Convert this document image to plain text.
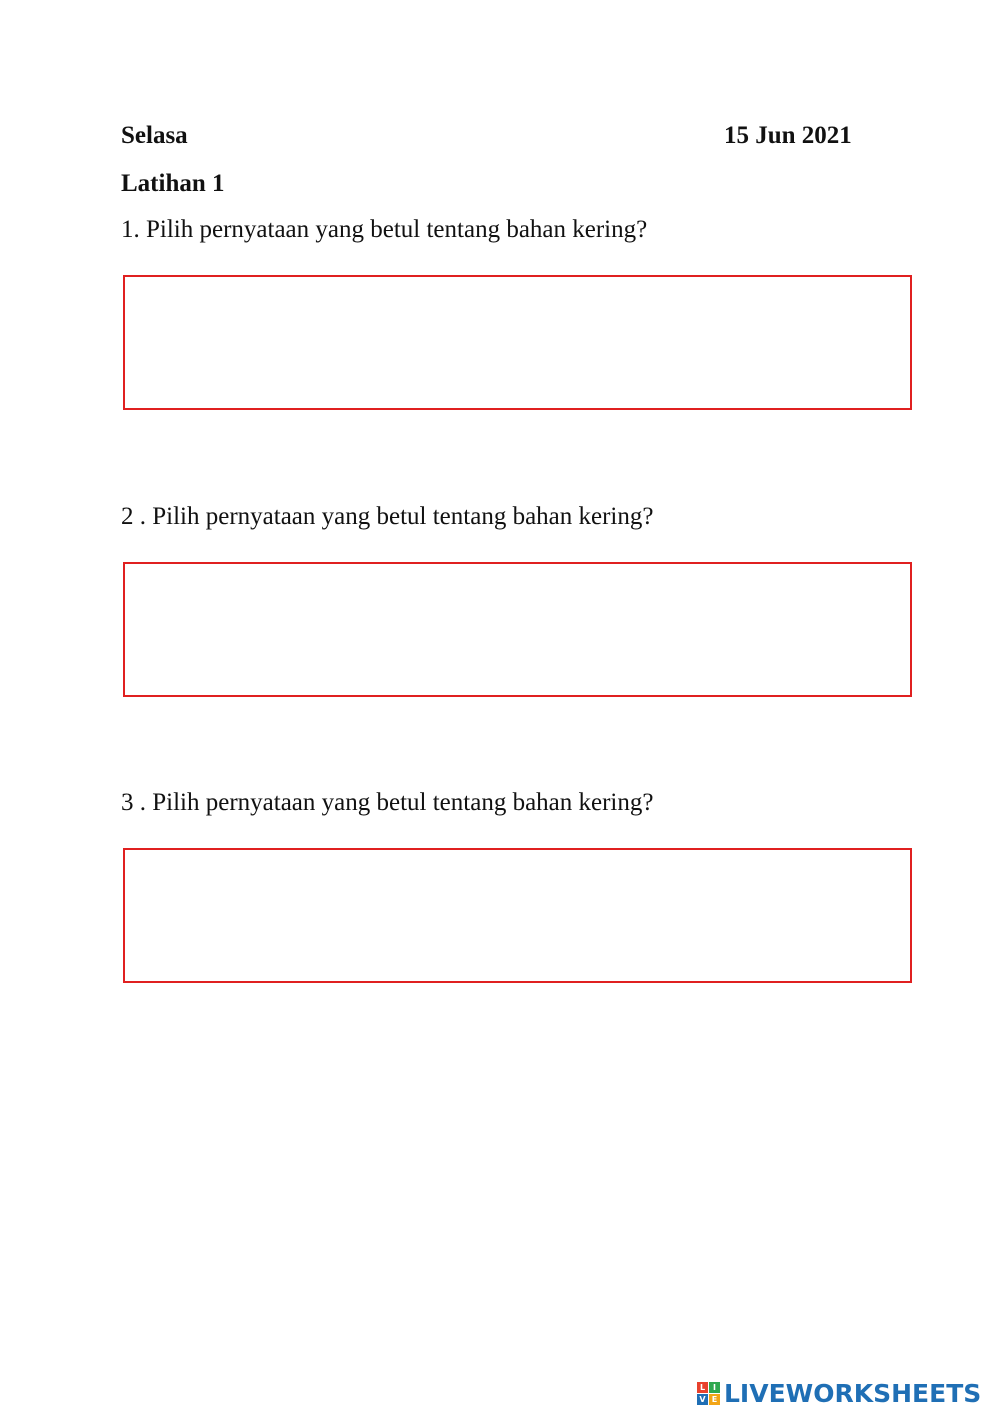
Selasa	15 Jun 2021
Latihan 1
1. Pilih pernyataan yang betul tentang bahan kering?
2 . Pilih pernyataan yang betul tentang bahan kering?
3 . Pilih pernyataan yang betul tentang bahan kering?
L I
V E LIVEWORKSHEETS
